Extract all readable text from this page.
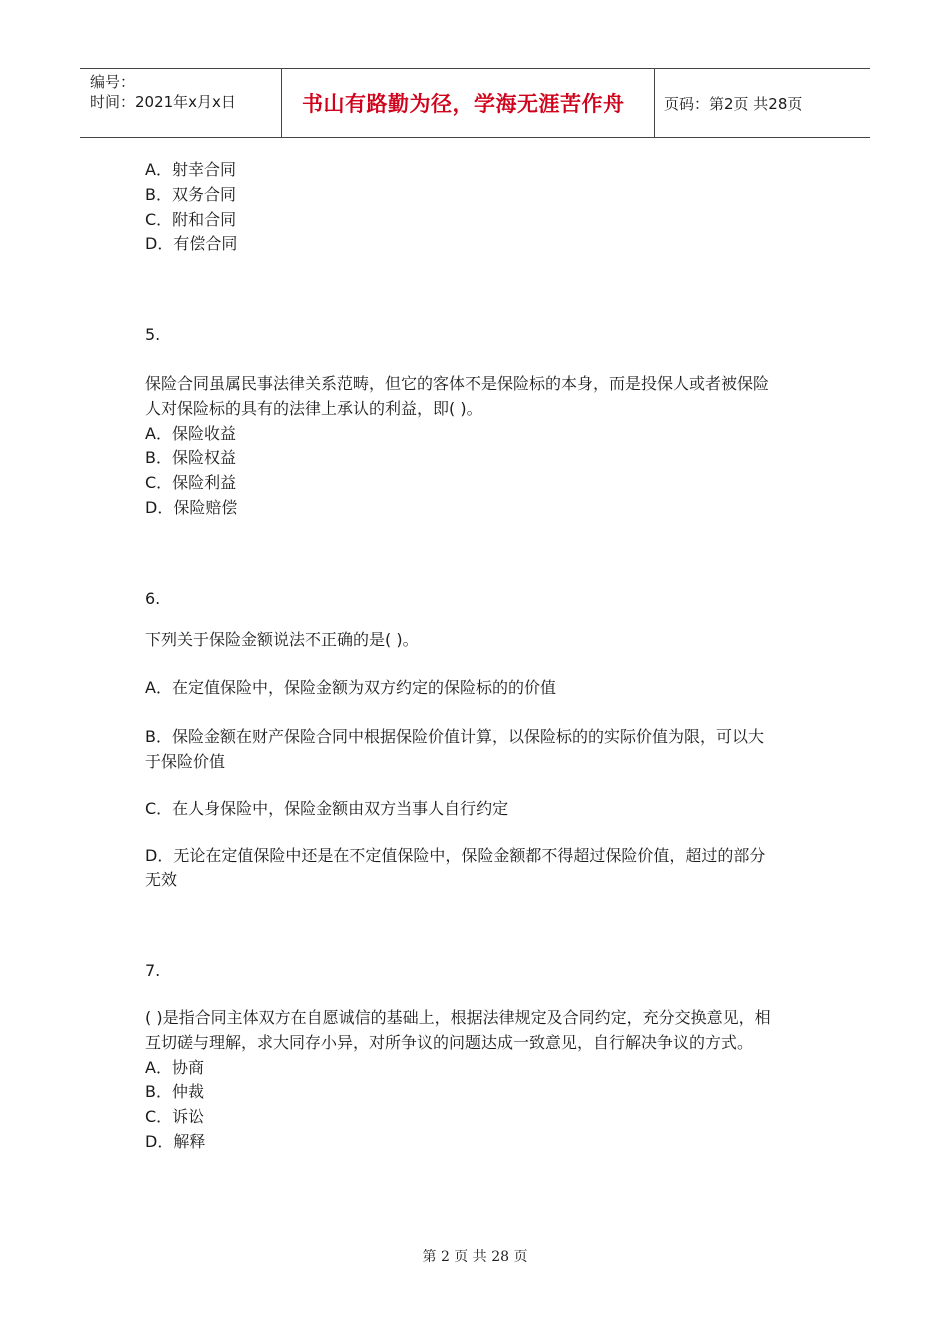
编号：
时间：2021年x月x日	书山有路勤为径，学海无涯苦作舟	页码：第2页 共28页
A．射幸合同
B．双务合同
C．附和合同
D．有偿合同
5.
保险合同虽属民事法律关系范畴，但它的客体不是保险标的本身，而是投保人或者被保险
人对保险标的具有的法律上承认的利益，即( )。
A．保险收益
B．保险权益
C．保险利益
D．保险赔偿
6.
下列关于保险金额说法不正确的是( )。
A．在定值保险中，保险金额为双方约定的保险标的的价值
B．保险金额在财产保险合同中根据保险价值计算，以保险标的的实际价值为限，可以大
于保险价值
C．在人身保险中，保险金额由双方当事人自行约定
D．无论在定值保险中还是在不定值保险中，保险金额都不得超过保险价值，超过的部分
无效
7.
( )是指合同主体双方在自愿诚信的基础上，根据法律规定及合同约定，充分交换意见，相
互切磋与理解，求大同存小异，对所争议的问题达成一致意见，自行解决争议的方式。
A．协商
B．仲裁
C．诉讼
D．解释
第 2 页 共 28 页
